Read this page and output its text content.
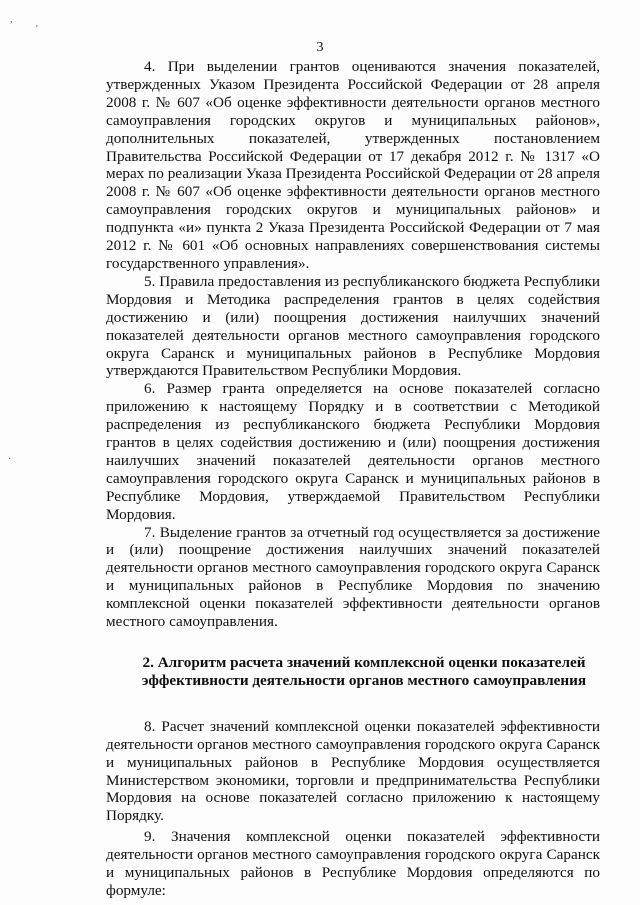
,
'
·
3

4. При выделении грантов оцениваются значения показателей, утвержденных Указом Президента Российской Федерации от 28 апреля 2008 г. № 607 «Об оценке эффективности деятельности органов местного самоуправления городских округов и муниципальных районов», дополнительных показателей, утвержденных постановлением Правительства Российской Федерации от 17 декабря 2012 г. № 1317 «О мерах по реализации Указа Президента Российской Федерации от 28 апреля 2008 г. № 607 «Об оценке эффективности деятельности органов местного самоуправления городских округов и муниципальных районов» и подпункта «и» пункта 2 Указа Президента Российской Федерации от 7 мая 2012 г. № 601 «Об основных направлениях совершенствования системы государственного управления».

5. Правила предоставления из республиканского бюджета Республики Мордовия и Методика распределения грантов в целях содействия достижению и (или) поощрения достижения наилучших значений показателей деятельности органов местного самоуправления городского округа Саранск и муниципальных районов в Республике Мордовия утверждаются Правительством Республики Мордовия.

6. Размер гранта определяется на основе показателей согласно приложению к настоящему Порядку и в соответствии с Методикой распределения из республиканского бюджета Республики Мордовия грантов в целях содействия достижению и (или) поощрения достижения наилучших значений показателей деятельности органов местного самоуправления городского округа Саранск и муниципальных районов в Республике Мордовия, утверждаемой Правительством Республики Мордовия.

7. Выделение грантов за отчетный год осуществляется за достижение и (или) поощрение достижения наилучших значений показателей деятельности органов местного самоуправления городского округа Саранск и муниципальных районов в Республике Мордовия по значению комплексной оценки показателей эффективности деятельности органов местного самоуправления.

2. Алгоритм расчета значений комплексной оценки показателей эффективности деятельности органов местного самоуправления

8. Расчет значений комплексной оценки показателей эффективности деятельности органов местного самоуправления городского округа Саранск и муниципальных районов в Республике Мордовия осуществляется Министерством экономики, торговли и предпринимательства Республики Мордовия на основе показателей согласно приложению к настоящему Порядку.

9. Значения комплексной оценки показателей эффективности деятельности органов местного самоуправления городского округа Саранск и муниципальных районов в Республике Мордовия определяются по формуле:
